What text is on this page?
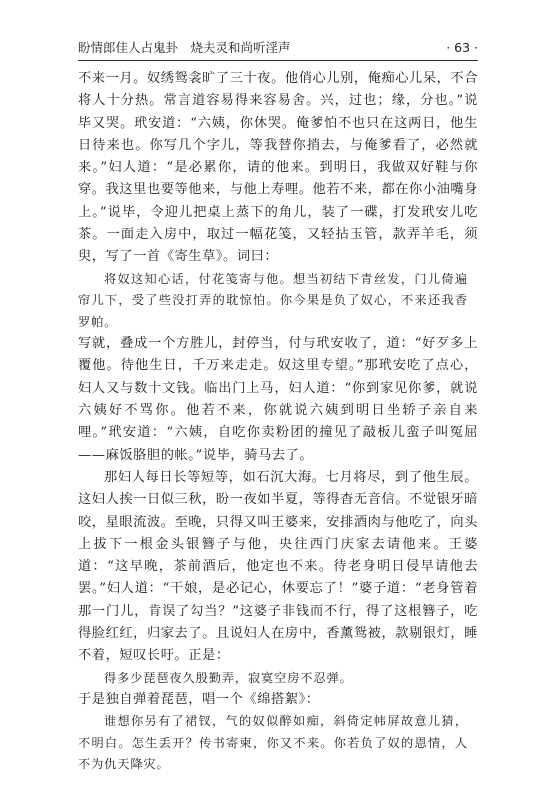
盼情郎佳人占鬼卦　烧夫灵和尚听淫声	· 63 ·

不来一月。奴绣鸳衾旷了三十夜。他俏心儿别，俺痴心儿呆，不合将人十分热。常言道容易得来容易舍。兴，过也；缘，分也。”说毕又哭。玳安道：“六姨，你休哭。俺爹怕不也只在这两日，他生日待来也。你写几个字儿，等我替你捎去，与俺爹看了，必然就来。”妇人道：“是必累你，请的他来。到明日，我做双好鞋与你穿。我这里也要等他来，与他上寿哩。他若不来，都在你小油嘴身上。”说毕，令迎儿把桌上蒸下的角儿，装了一碟，打发玳安儿吃茶。一面走入房中，取过一幅花笺，又轻拈玉管，款弄羊毛，须臾，写了一首《寄生草》。词曰：

将奴这知心话，付花笺寄与他。想当初结下青丝发，门儿倚遍帘儿下，受了些没打弄的耽惊怕。你今果是负了奴心，不来还我香罗帕。

写就，叠成一个方胜儿，封停当，付与玳安收了，道：“好歹多上覆他。待他生日，千万来走走。奴这里专望。”那玳安吃了点心，妇人又与数十文钱。临出门上马，妇人道：“你到家见你爹，就说六姨好不骂你。他若不来，你就说六姨到明日坐轿子亲自来哩。”玳安道：“六姨，自吃你卖粉团的撞见了敲板儿蛮子叫冤屈——麻饭胳胆的帐。”说毕，骑马去了。

那妇人每日长等短等，如石沉大海。七月将尽，到了他生辰。这妇人挨一日似三秋，盼一夜如半夏，等得杳无音信。不觉银牙暗咬，星眼流波。至晚，只得又叫王婆来，安排酒肉与他吃了，向头上拔下一根金头银簪子与他，央往西门庆家去请他来。王婆道：“这早晚，茶前酒后，他定也不来。待老身明日侵早请他去罢。”妇人道：“干娘，是必记心，休要忘了！”婆子道：“老身管着那一门儿，肯误了勾当？”这婆子非钱而不行，得了这根簪子，吃得脸红红，归家去了。且说妇人在房中，香薰鸳被，款剔银灯，睡不着，短叹长吁。正是：

得多少琵琶夜久殷勤弄，寂寞空房不忍弹。

于是独自弹着琵琶，唱一个《绵搭絮》：

谁想你另有了裙钗，气的奴似醉如痴，斜倚定帏屏故意儿猜，不明白。怎生丢开？传书寄柬，你又不来。你若负了奴的恩情，人不为仇天降灾。
